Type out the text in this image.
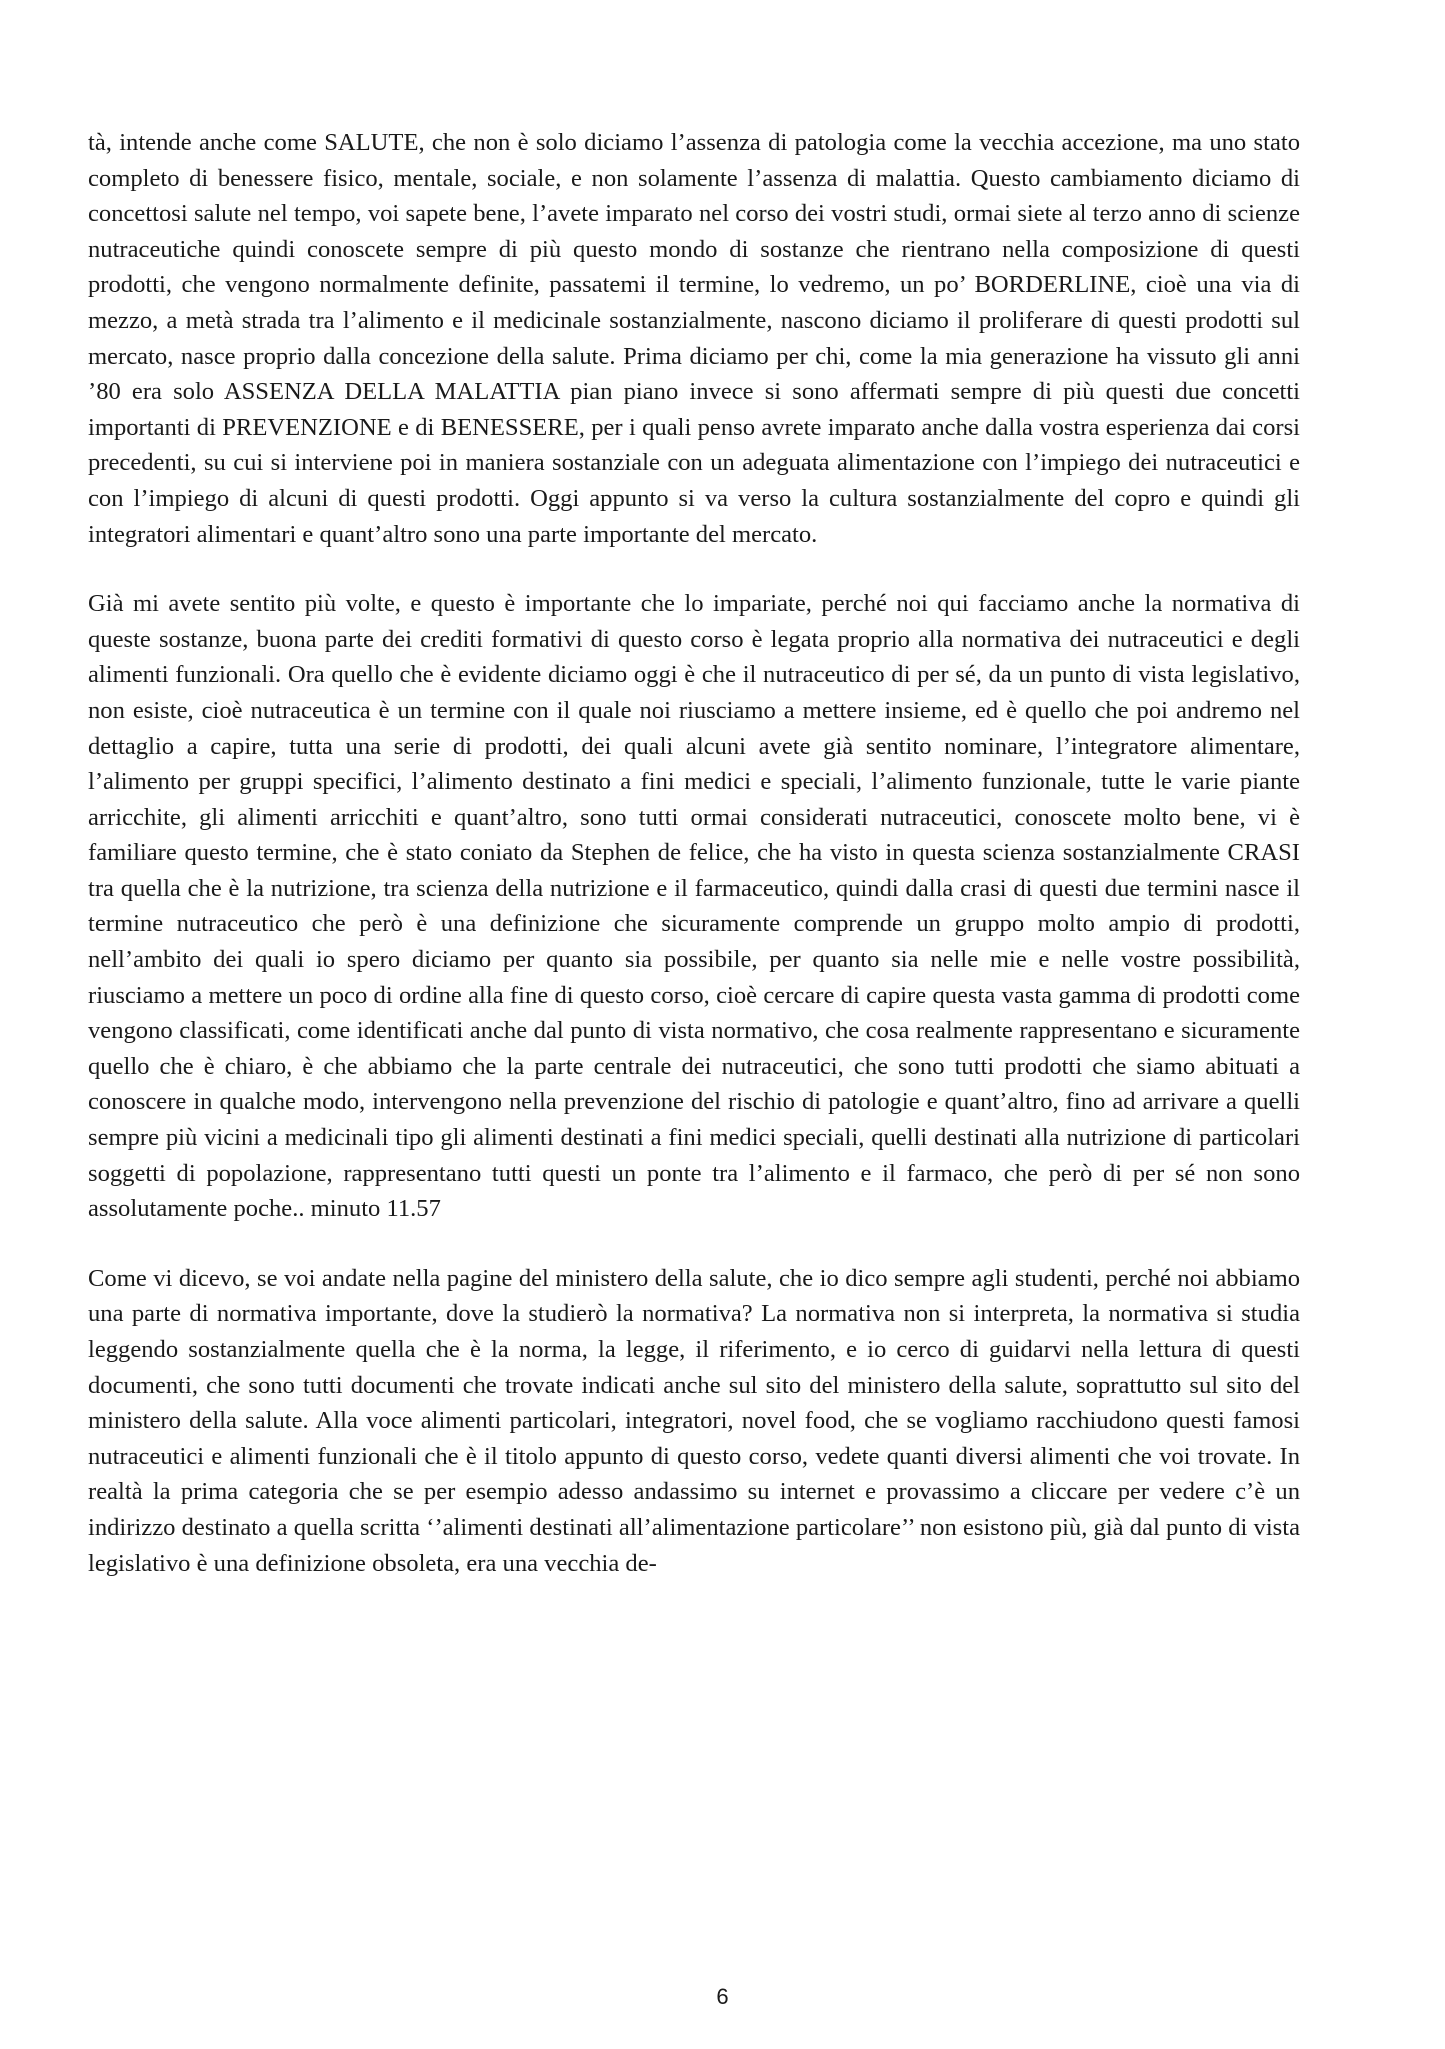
tà, intende anche come SALUTE, che non è solo diciamo l’assenza di patologia come la vecchia accezione, ma uno stato completo di benessere fisico, mentale, sociale, e non solamente l’assenza di malattia. Questo cambiamento diciamo di concettosi salute nel tempo, voi sapete bene, l’avete imparato nel corso dei vostri studi, ormai siete al terzo anno di scienze nutraceutiche quindi conoscete sempre di più questo mondo di sostanze che rientrano nella composizione di questi prodotti, che vengono normalmente definite, passatemi il termine, lo vedremo, un po’ BORDERLINE, cioè una via di mezzo, a metà strada tra l’alimento e il medicinale sostanzialmente, nascono diciamo il proliferare di questi prodotti sul mercato, nasce proprio dalla concezione della salute. Prima diciamo per chi, come la mia generazione ha vissuto gli anni ’80 era solo ASSENZA DELLA MALATTIA pian piano invece si sono affermati sempre di più questi due concetti importanti di PREVENZIONE e di BENESSERE, per i quali penso avrete imparato anche dalla vostra esperienza dai corsi precedenti, su cui si interviene poi in maniera sostanziale con un adeguata alimentazione con l’impiego dei nutraceutici e con l’impiego di alcuni di questi prodotti. Oggi appunto si va verso la cultura sostanzialmente del copro e quindi gli integratori alimentari e quant’altro sono una parte importante del mercato.

Già mi avete sentito più volte, e questo è importante che lo impariate, perché noi qui facciamo anche la normativa di queste sostanze, buona parte dei crediti formativi di questo corso è legata proprio alla normativa dei nutraceutici e degli alimenti funzionali. Ora quello che è evidente diciamo oggi è che il nutraceutico di per sé, da un punto di vista legislativo, non esiste, cioè nutraceutica è un termine con il quale noi riusciamo a mettere insieme, ed è quello che poi andremo nel dettaglio a capire, tutta una serie di prodotti, dei quali alcuni avete già sentito nominare, l’integratore alimentare, l’alimento per gruppi specifici, l’alimento destinato a fini medici e speciali, l’alimento funzionale, tutte le varie piante arricchite, gli alimenti arricchiti e quant’altro, sono tutti ormai considerati nutraceutici, conoscete molto bene, vi è familiare questo termine, che è stato coniato da Stephen de felice, che ha visto in questa scienza sostanzialmente CRASI tra quella che è la nutrizione, tra scienza della nutrizione e il farmaceutico, quindi dalla crasi di questi due termini nasce il termine nutraceutico che però è una definizione che sicuramente comprende un gruppo molto ampio di prodotti, nell’ambito dei quali io spero diciamo per quanto sia possibile, per quanto sia nelle mie e nelle vostre possibilità, riusciamo a mettere un poco di ordine alla fine di questo corso, cioè cercare di capire questa vasta gamma di prodotti come vengono classificati, come identificati anche dal punto di vista normativo, che cosa realmente rappresentano e sicuramente quello che è chiaro, è che abbiamo che la parte centrale dei nutraceutici, che sono tutti prodotti che siamo abituati a conoscere in qualche modo, intervengono nella prevenzione del rischio di patologie e quant’altro, fino ad arrivare a quelli sempre più vicini a medicinali tipo gli alimenti destinati a fini medici speciali, quelli destinati alla nutrizione di particolari soggetti di popolazione, rappresentano tutti questi un ponte tra l’alimento e il farmaco, che però di per sé non sono assolutamente poche.. minuto 11.57

Come vi dicevo, se voi andate nella pagine del ministero della salute, che io dico sempre agli studenti, perché noi abbiamo una parte di normativa importante, dove la studierò la normativa? La normativa non si interpreta, la normativa si studia leggendo sostanzialmente quella che è la norma, la legge, il riferimento, e io cerco di guidarvi nella lettura di questi documenti, che sono tutti documenti che trovate indicati anche sul sito del ministero della salute, soprattutto sul sito del ministero della salute. Alla voce alimenti particolari, integratori, novel food, che se vogliamo racchiudono questi famosi nutraceutici e alimenti funzionali che è il titolo appunto di questo corso, vedete quanti diversi alimenti che voi trovate. In realtà la prima categoria che se per esempio adesso andassimo su internet e provassimo a cliccare per vedere c’è un indirizzo destinato a quella scritta ‘’alimenti destinati all’alimentazione particolare’’ non esistono più, già dal punto di vista legislativo è una definizione obsoleta, era una vecchia de-

6
